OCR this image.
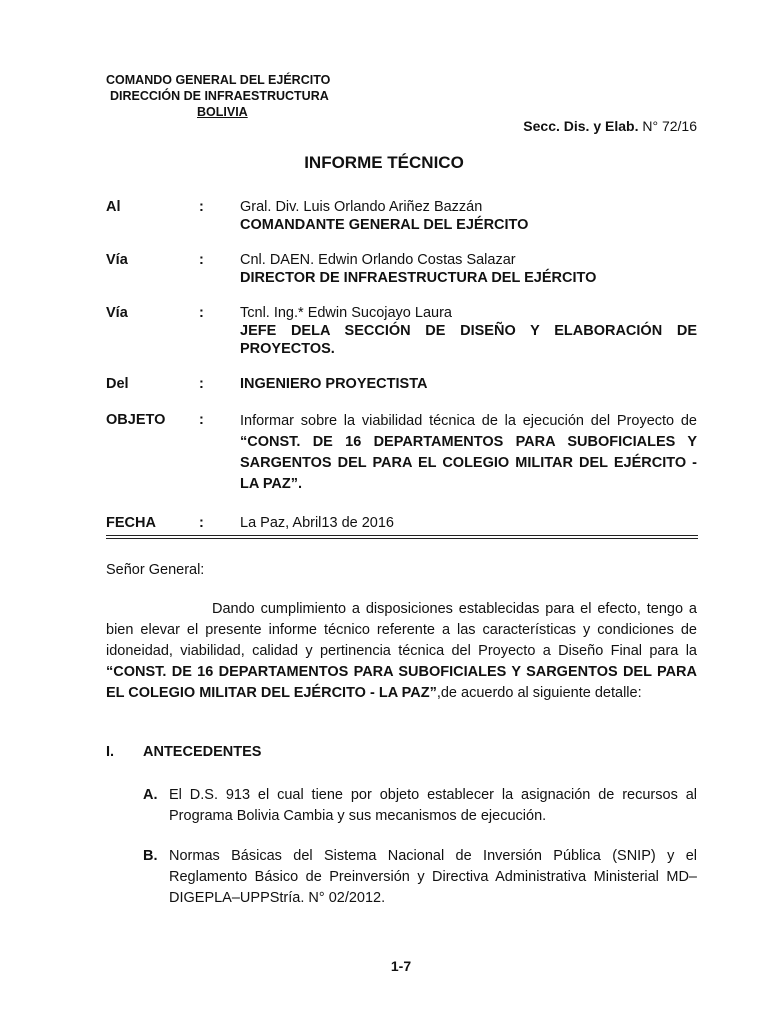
COMANDO GENERAL DEL EJÉRCITO
DIRECCIÓN DE INFRAESTRUCTURA
BOLIVIA
Secc. Dis. y Elab. N° 72/16
INFORME TÉCNICO
Al	: Gral. Div. Luis Orlando Ariñez Bazzán
COMANDANTE GENERAL DEL EJÉRCITO
Vía	: Cnl. DAEN. Edwin Orlando Costas Salazar
DIRECTOR DE INFRAESTRUCTURA DEL EJÉRCITO
Vía	: Tcnl. Ing.* Edwin Sucojayo Laura
JEFE DELA SECCIÓN DE DISEÑO Y ELABORACIÓN DE PROYECTOS.
Del	: INGENIERO PROYECTISTA
OBJETO : Informar sobre la viabilidad técnica de la ejecución del Proyecto de “CONST. DE 16 DEPARTAMENTOS PARA SUBOFICIALES Y SARGENTOS DEL PARA EL COLEGIO MILITAR DEL EJÉRCITO - LA PAZ”.
FECHA	: La Paz, Abril13 de 2016
Señor General:
Dando cumplimiento a disposiciones establecidas para el efecto, tengo a bien elevar el presente informe técnico referente a las características y condiciones de idoneidad, viabilidad, calidad y pertinencia técnica del Proyecto a Diseño Final para la “CONST. DE 16 DEPARTAMENTOS PARA SUBOFICIALES Y SARGENTOS DEL PARA EL COLEGIO MILITAR DEL EJÉRCITO - LA PAZ”,de acuerdo al siguiente detalle:
I. ANTECEDENTES
A. El D.S. 913 el cual tiene por objeto establecer la asignación de recursos al Programa Bolivia Cambia y sus mecanismos de ejecución.
B. Normas Básicas del Sistema Nacional de Inversión Pública (SNIP) y el Reglamento Básico de Preinversión y Directiva Administrativa Ministerial MD–DIGEPLA–UPPStría. N° 02/2012.
1-7
